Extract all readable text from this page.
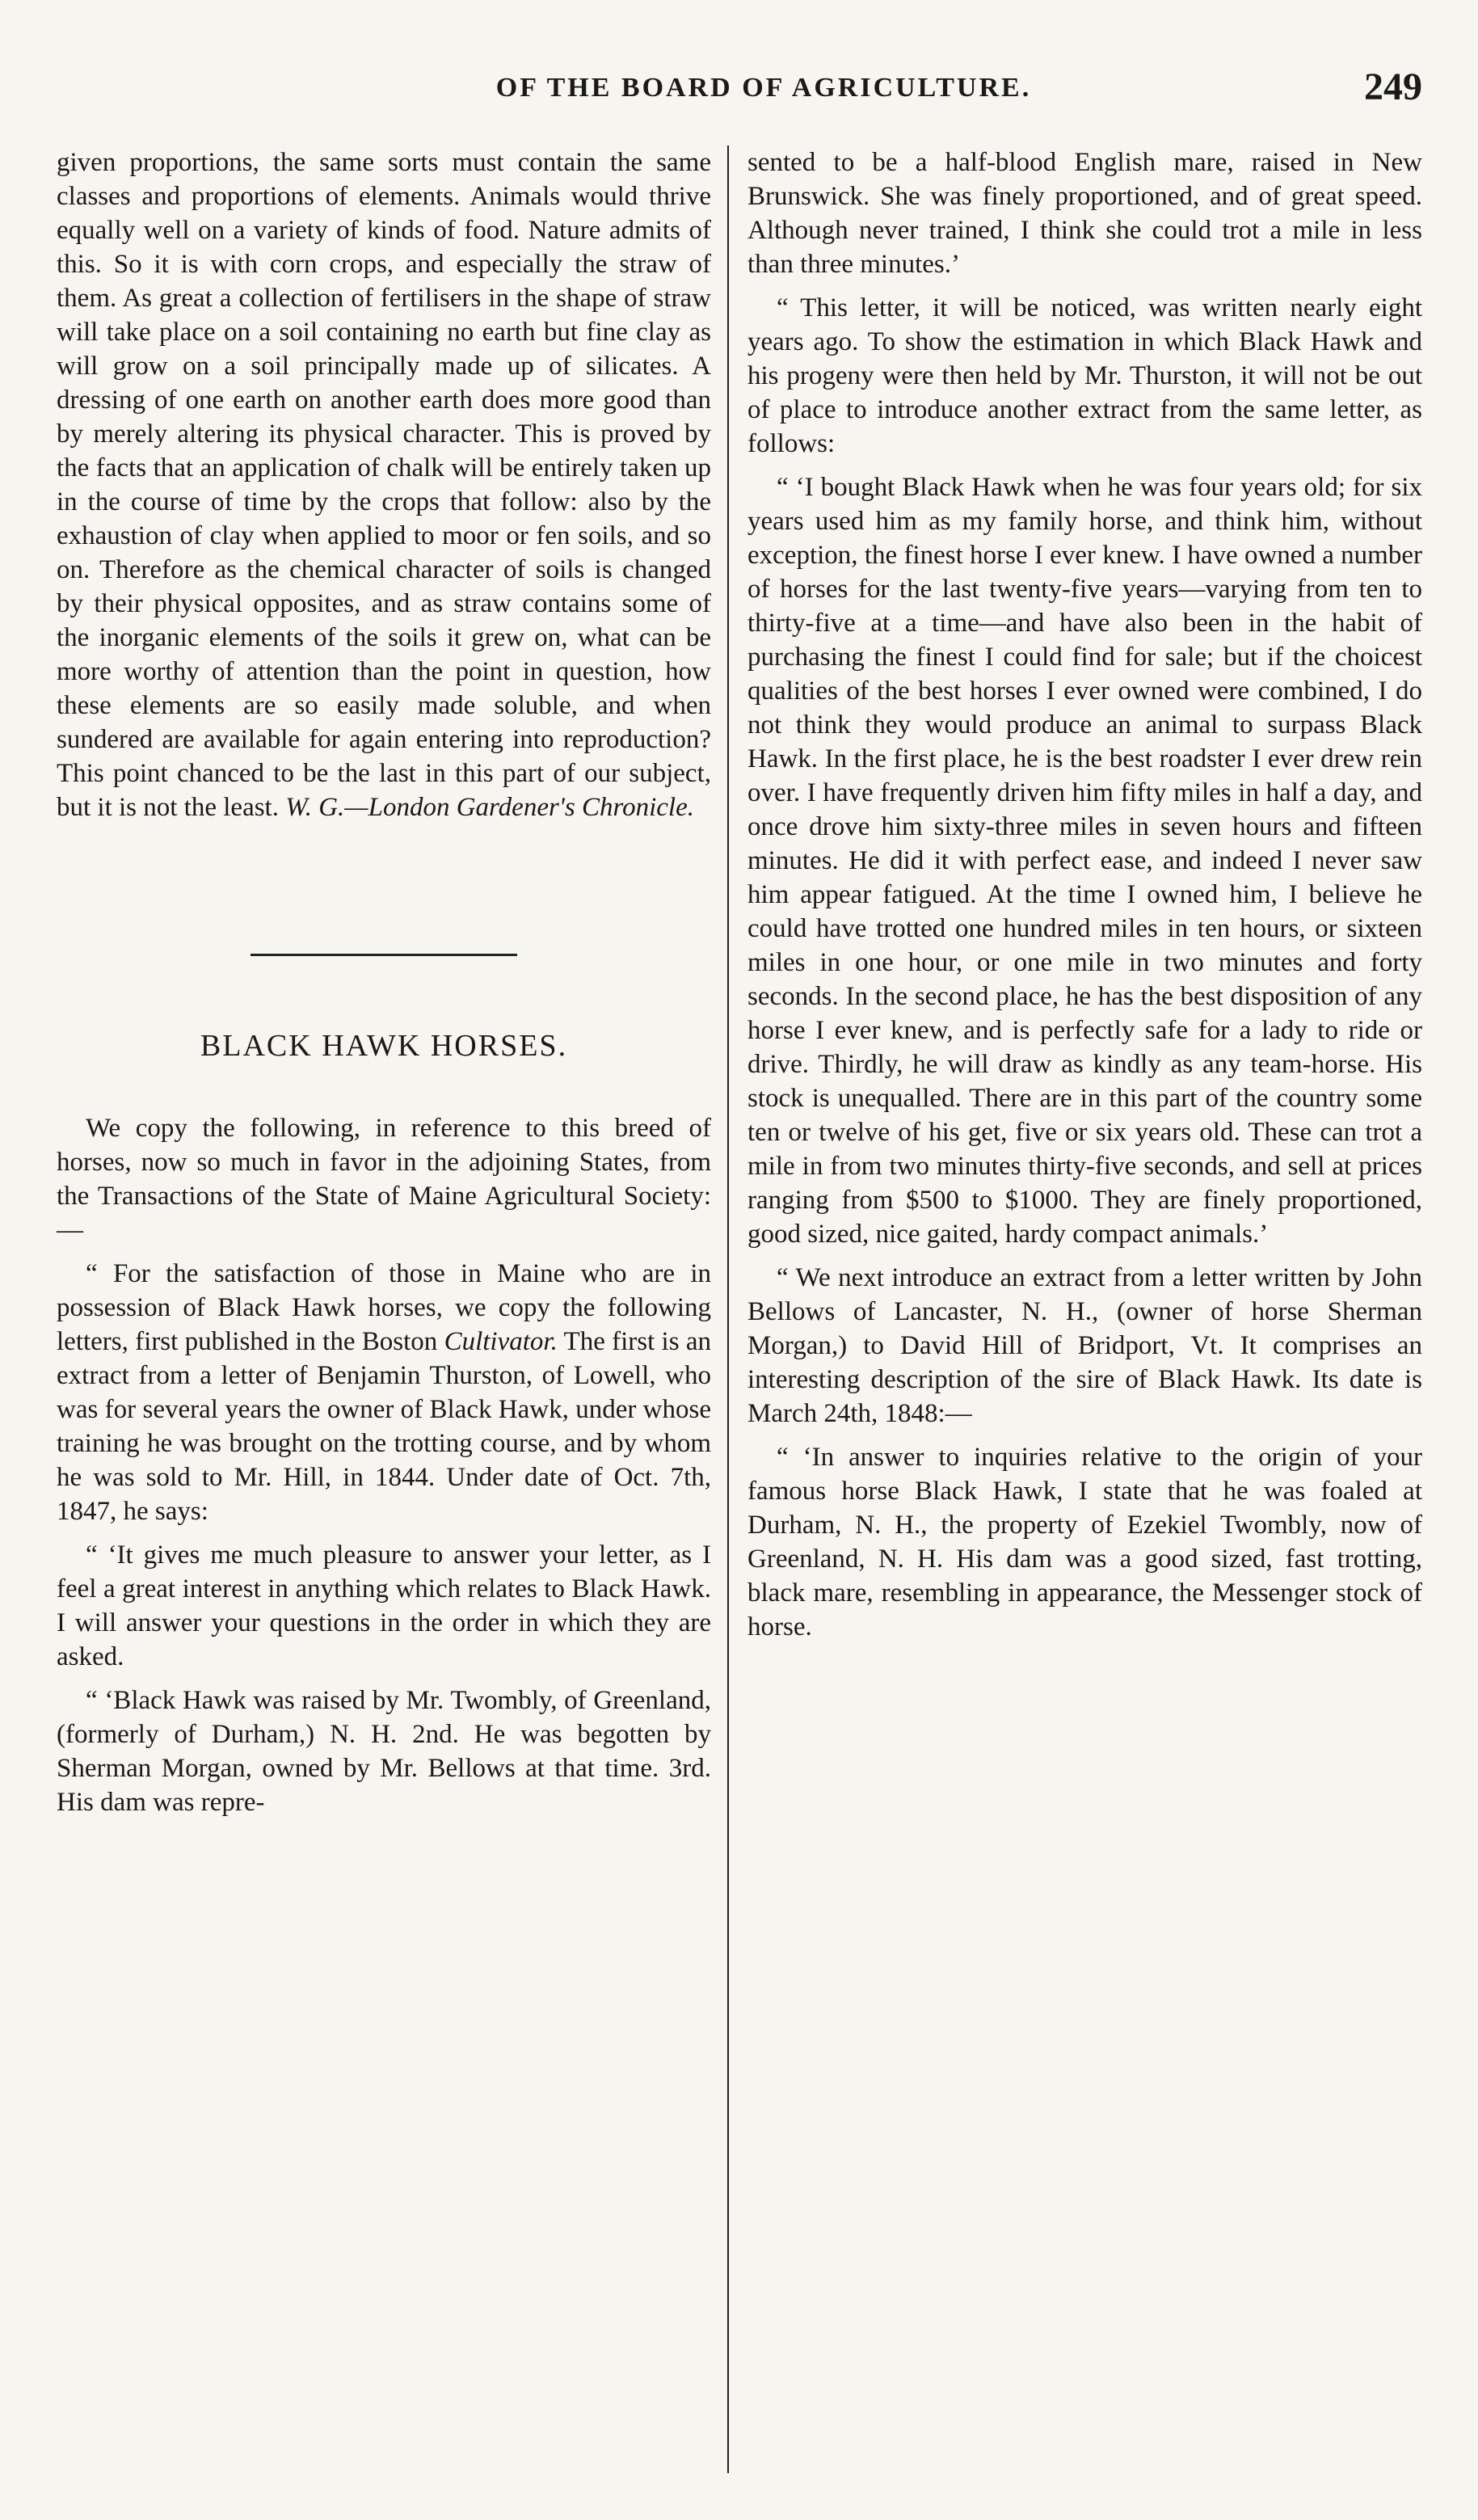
OF THE BOARD OF AGRICULTURE.	249

given proportions, the same sorts must contain the same classes and proportions of elements. Animals would thrive equally well on a variety of kinds of food. Nature admits of this. So it is with corn crops, and especially the straw of them. As great a collection of fertilisers in the shape of straw will take place on a soil containing no earth but fine clay as will grow on a soil principally made up of silicates. A dressing of one earth on another earth does more good than by merely altering its physical character. This is proved by the facts that an application of chalk will be entirely taken up in the course of time by the crops that follow: also by the exhaustion of clay when applied to moor or fen soils, and so on. Therefore as the chemical character of soils is changed by their physical opposites, and as straw contains some of the inorganic elements of the soils it grew on, what can be more worthy of attention than the point in question, how these elements are so easily made soluble, and when sundered are available for again entering into reproduction? This point chanced to be the last in this part of our subject, but it is not the least. W. G.—London Gardener's Chronicle.

BLACK HAWK HORSES.

We copy the following, in reference to this breed of horses, now so much in favor in the adjoining States, from the Transactions of the State of Maine Agricultural Society:—

“ For the satisfaction of those in Maine who are in possession of Black Hawk horses, we copy the following letters, first published in the Boston Cultivator. The first is an extract from a letter of Benjamin Thurston, of Lowell, who was for several years the owner of Black Hawk, under whose training he was brought on the trotting course, and by whom he was sold to Mr. Hill, in 1844. Under date of Oct. 7th, 1847, he says:

“ ‘It gives me much pleasure to answer your letter, as I feel a great interest in anything which relates to Black Hawk. I will answer your questions in the order in which they are asked.

“ ‘Black Hawk was raised by Mr. Twombly, of Greenland, (formerly of Durham,) N. H. 2nd. He was begotten by Sherman Morgan, owned by Mr. Bellows at that time. 3rd. His dam was repre-

sented to be a half-blood English mare, raised in New Brunswick. She was finely proportioned, and of great speed. Although never trained, I think she could trot a mile in less than three minutes.’

“ This letter, it will be noticed, was written nearly eight years ago. To show the estimation in which Black Hawk and his progeny were then held by Mr. Thurston, it will not be out of place to introduce another extract from the same letter, as follows:

“ ‘I bought Black Hawk when he was four years old; for six years used him as my family horse, and think him, without exception, the finest horse I ever knew. I have owned a number of horses for the last twenty-five years—varying from ten to thirty-five at a time—and have also been in the habit of purchasing the finest I could find for sale; but if the choicest qualities of the best horses I ever owned were combined, I do not think they would produce an animal to surpass Black Hawk. In the first place, he is the best roadster I ever drew rein over. I have frequently driven him fifty miles in half a day, and once drove him sixty-three miles in seven hours and fifteen minutes. He did it with perfect ease, and indeed I never saw him appear fatigued. At the time I owned him, I believe he could have trotted one hundred miles in ten hours, or sixteen miles in one hour, or one mile in two minutes and forty seconds. In the second place, he has the best disposition of any horse I ever knew, and is perfectly safe for a lady to ride or drive. Thirdly, he will draw as kindly as any team-horse. His stock is unequalled. There are in this part of the country some ten or twelve of his get, five or six years old. These can trot a mile in from two minutes thirty-five seconds, and sell at prices ranging from $500 to $1000. They are finely proportioned, good sized, nice gaited, hardy compact animals.’

“ We next introduce an extract from a letter written by John Bellows of Lancaster, N. H., (owner of horse Sherman Morgan,) to David Hill of Bridport, Vt. It comprises an interesting description of the sire of Black Hawk. Its date is March 24th, 1848:—

“ ‘In answer to inquiries relative to the origin of your famous horse Black Hawk, I state that he was foaled at Durham, N. H., the property of Ezekiel Twombly, now of Greenland, N. H. His dam was a good sized, fast trotting, black mare, resembling in appearance, the Messenger stock of horse.
